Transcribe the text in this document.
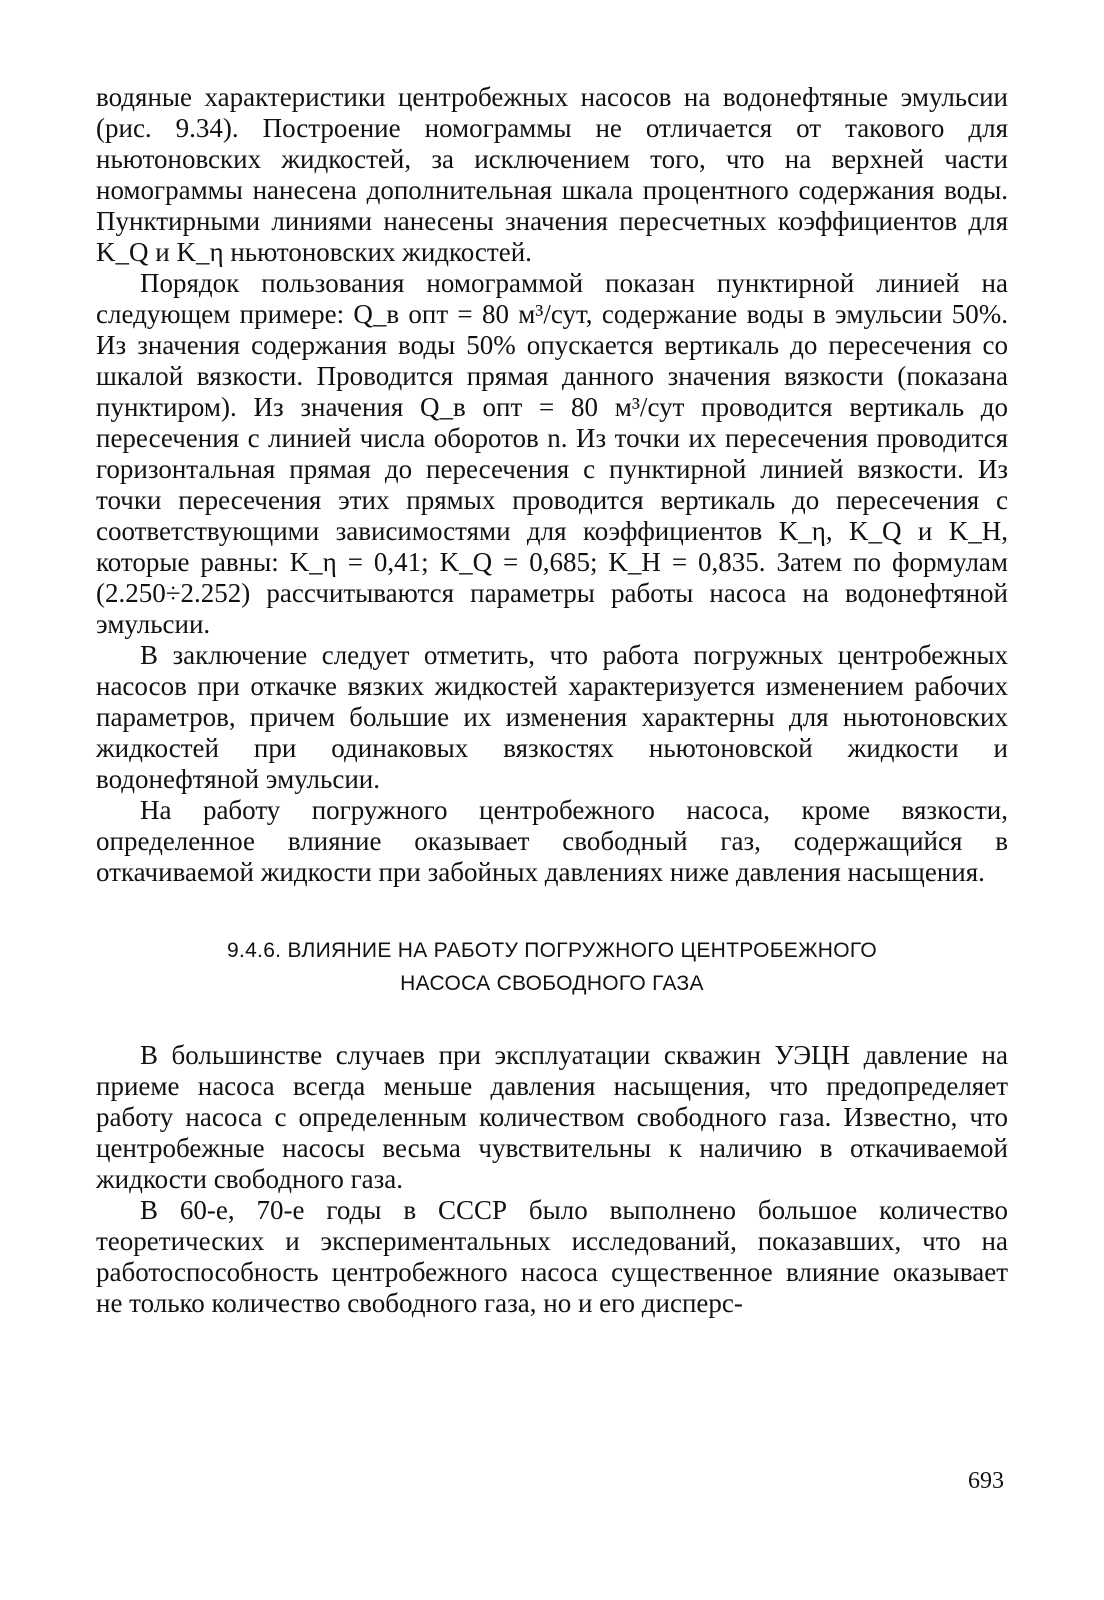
водяные характеристики центробежных насосов на водонефтяные эмульсии (рис. 9.34). Построение номограммы не отличается от такового для ньютоновских жидкостей, за исключением того, что на верхней части номограммы нанесена дополнительная шкала процентного содержания воды. Пунктирными линиями нанесены значения пересчетных коэффициентов для K_Q и K_η ньютоновских жидкостей.

Порядок пользования номограммой показан пунктирной линией на следующем примере: Q_в опт = 80 м³/сут, содержание воды в эмульсии 50%. Из значения содержания воды 50% опускается вертикаль до пересечения со шкалой вязкости. Проводится прямая данного значения вязкости (показана пунктиром). Из значения Q_в опт = 80 м³/сут проводится вертикаль до пересечения с линией числа оборотов n. Из точки их пересечения проводится горизонтальная прямая до пересечения с пунктирной линией вязкости. Из точки пересечения этих прямых проводится вертикаль до пересечения с соответствующими зависимостями для коэффициентов K_η, K_Q и K_H, которые равны: K_η = 0,41; K_Q = 0,685; K_H = 0,835. Затем по формулам (2.250÷2.252) рассчитываются параметры работы насоса на водонефтяной эмульсии.

В заключение следует отметить, что работа погружных центробежных насосов при откачке вязких жидкостей характеризуется изменением рабочих параметров, причем большие их изменения характерны для ньютоновских жидкостей при одинаковых вязкостях ньютоновской жидкости и водонефтяной эмульсии.

На работу погружного центробежного насоса, кроме вязкости, определенное влияние оказывает свободный газ, содержащийся в откачиваемой жидкости при забойных давлениях ниже давления насыщения.

9.4.6. ВЛИЯНИЕ НА РАБОТУ ПОГРУЖНОГО ЦЕНТРОБЕЖНОГО
НАСОСА СВОБОДНОГО ГАЗА

В большинстве случаев при эксплуатации скважин УЭЦН давление на приеме насоса всегда меньше давления насыщения, что предопределяет работу насоса с определенным количеством свободного газа. Известно, что центробежные насосы весьма чувствительны к наличию в откачиваемой жидкости свободного газа.

В 60-е, 70-е годы в СССР было выполнено большое количество теоретических и экспериментальных исследований, показавших, что на работоспособность центробежного насоса существенное влияние оказывает не только количество свободного газа, но и его дисперс-

693
